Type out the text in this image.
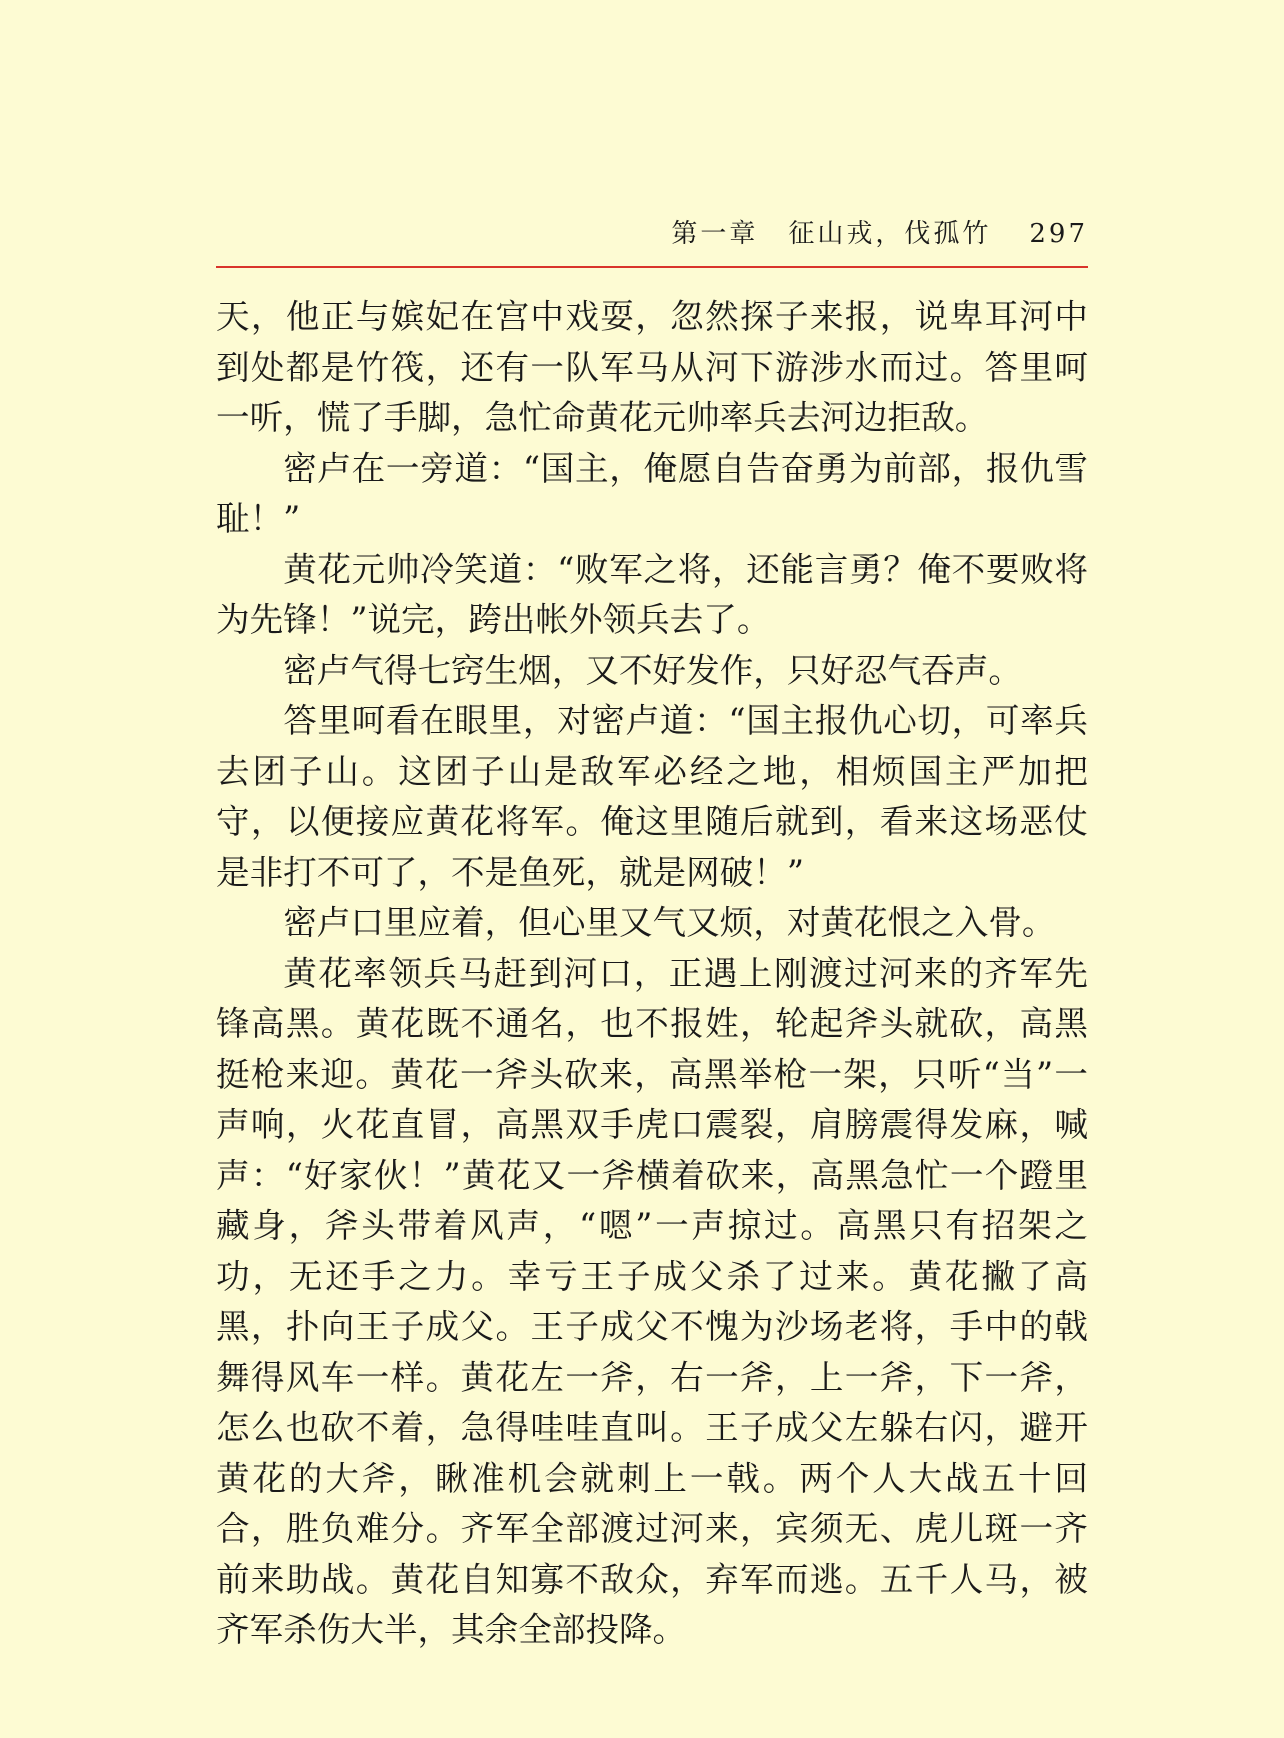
第一章 征山戎，伐孤竹 297

天，他正与嫔妃在宫中戏耍，忽然探子来报，说卑耳河中到处都是竹筏，还有一队军马从河下游涉水而过。答里呵一听，慌了手脚，急忙命黄花元帅率兵去河边拒敌。

密卢在一旁道：“国主，俺愿自告奋勇为前部，报仇雪耻！”

黄花元帅冷笑道：“败军之将，还能言勇？俺不要败将为先锋！”说完，跨出帐外领兵去了。

密卢气得七窍生烟，又不好发作，只好忍气吞声。

答里呵看在眼里，对密卢道：“国主报仇心切，可率兵去团子山。这团子山是敌军必经之地，相烦国主严加把守，以便接应黄花将军。俺这里随后就到，看来这场恶仗是非打不可了，不是鱼死，就是网破！”

密卢口里应着，但心里又气又烦，对黄花恨之入骨。

黄花率领兵马赶到河口，正遇上刚渡过河来的齐军先锋高黑。黄花既不通名，也不报姓，轮起斧头就砍，高黑挺枪来迎。黄花一斧头砍来，高黑举枪一架，只听“当”一声响，火花直冒，高黑双手虎口震裂，肩膀震得发麻，喊声：“好家伙！”黄花又一斧横着砍来，高黑急忙一个蹬里藏身，斧头带着风声，“嗯”一声掠过。高黑只有招架之功，无还手之力。幸亏王子成父杀了过来。黄花撇了高黑，扑向王子成父。王子成父不愧为沙场老将，手中的戟舞得风车一样。黄花左一斧，右一斧，上一斧，下一斧，怎么也砍不着，急得哇哇直叫。王子成父左躲右闪，避开黄花的大斧，瞅准机会就刺上一戟。两个人大战五十回合，胜负难分。齐军全部渡过河来，宾须无、虎儿斑一齐前来助战。黄花自知寡不敌众，弃军而逃。五千人马，被齐军杀伤大半，其余全部投降。
